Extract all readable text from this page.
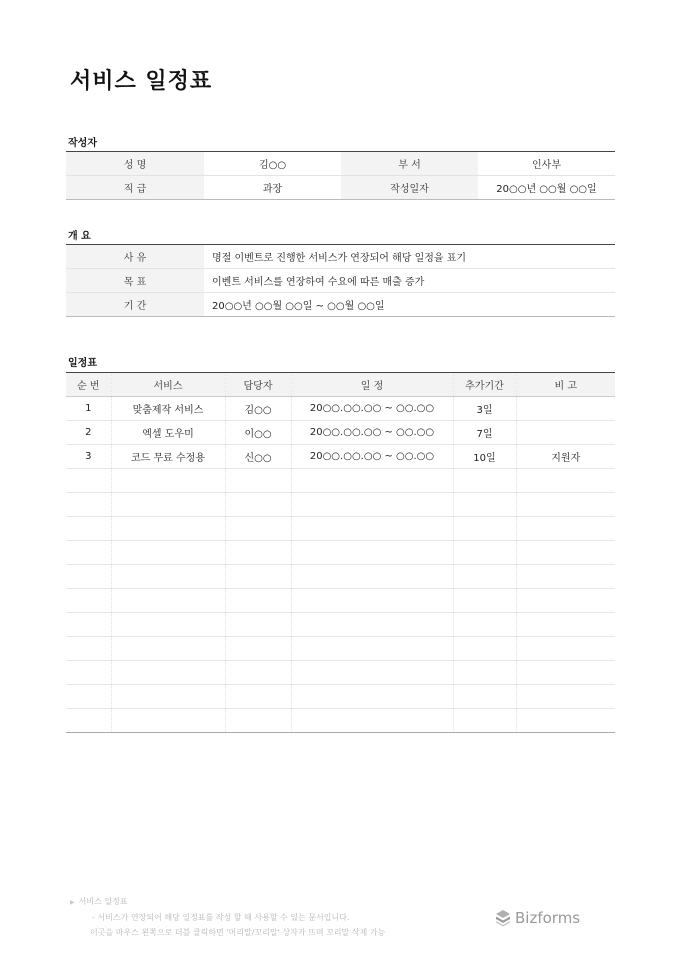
서비스 일정표
작성자
성 명	김○○	부 서	인사부
직 급	과장	작성일자	20○○년 ○○월 ○○일
개 요
사 유	명절 이벤트로 진행한 서비스가 연장되어 해당 일정을 표기
목 표	이벤트 서비스를 연장하여 수요에 따른 매출 증가
기 간	20○○년 ○○월 ○○일 ~ ○○월 ○○일
일정표
순 번	서비스	담당자	일 정	추가기간	비 고
1	맞춤제작 서비스	김○○	20○○.○○.○○ ~ ○○.○○	3일	
2	엑셀 도우미	이○○	20○○.○○.○○ ~ ○○.○○	7일	
3	코드 무료 수정용	신○○	20○○.○○.○○ ~ ○○.○○	10일	지원자

▶ 서비스 일정표
- 서비스가 연장되어 해당 일정표를 작성 할 때 사용할 수 있는 문서입니다.
이곳을 마우스 왼쪽으로 더블 클릭하면 '머리말/꼬리말' 상자가 뜨며 꼬리말 삭제 가능
Bizforms
